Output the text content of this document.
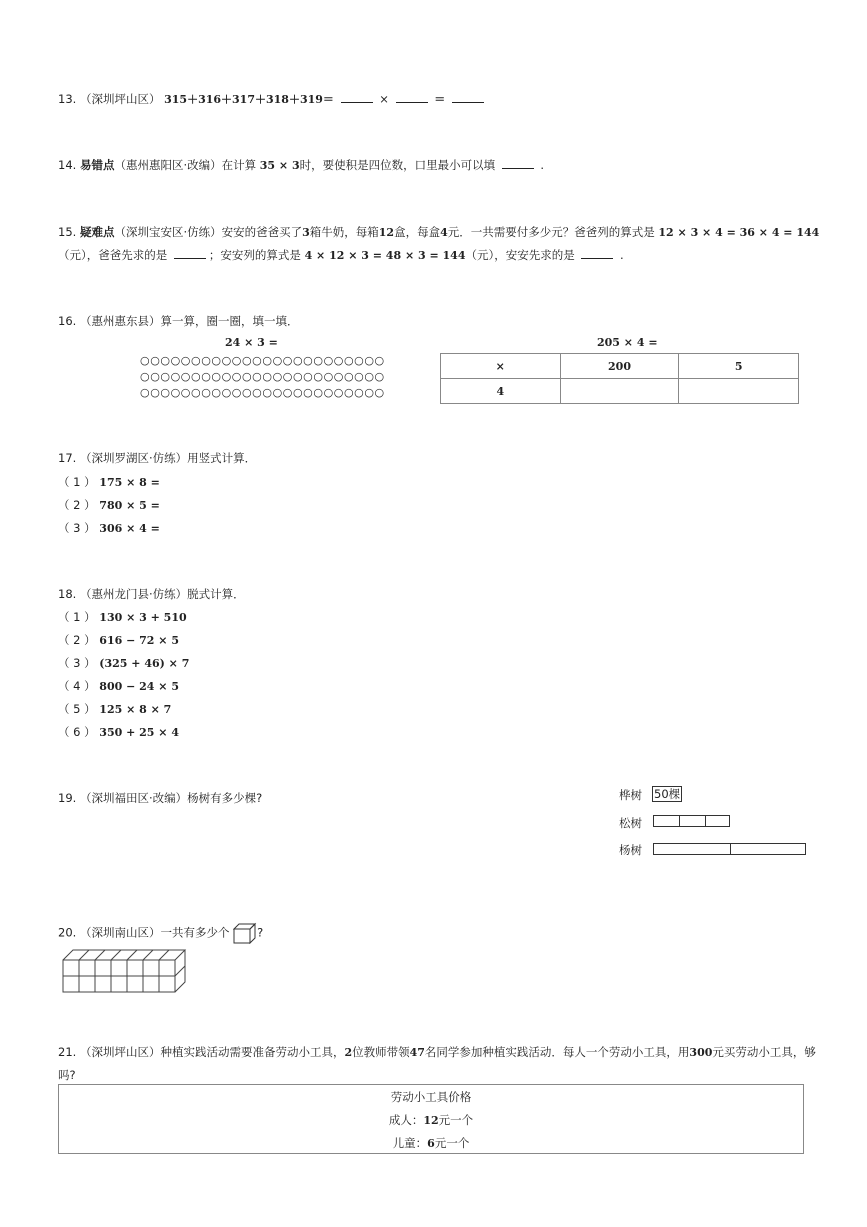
13. （深圳坪山区） 315＋316＋317＋318＋319＝	×	＝
14. 易错点（惠州惠阳区·改编）在计算 35 × 3时，要使积是四位数，口里最小可以填	.
15. 疑难点（深圳宝安区·仿练）安安的爸爸买了3箱牛奶，每箱12盒，每盒4元．一共需要付多少元？爸爸列的算式是 12 × 3 × 4 = 36 × 4 = 144
（元），爸爸先求的是	；安安列的算式是 4 × 12 × 3 = 48 × 3 = 144（元），安安先求的是	.
16. （惠州惠东县）算一算，圈一圈，填一填．
24 × 3 =
○○○○○○○○○○○○○○○○○○○○○○○○
○○○○○○○○○○○○○○○○○○○○○○○○
○○○○○○○○○○○○○○○○○○○○○○○○
205 × 4 =
×	200	5
4		
17. （深圳罗湖区·仿练）用竖式计算．
（ 1 ） 175 × 8 =
（ 2 ） 780 × 5 =
（ 3 ） 306 × 4 =
18. （惠州龙门县·仿练）脱式计算．
（ 1 ） 130 × 3 + 510
（ 2 ） 616 − 72 × 5
（ 3 ） (325 + 46) × 7
（ 4 ） 800 − 24 × 5
（ 5 ） 125 × 8 × 7
（ 6 ） 350 + 25 × 4
19. （深圳福田区·改编）杨树有多少棵?	桦树 50棵
松树
杨树
20. （深圳南山区）一共有多少个 ?
21. （深圳坪山区）种植实践活动需要准备劳动小工具，2位教师带领47名同学参加种植实践活动．每人一个劳动小工具，用300元买劳动小工具，够
吗?
劳动小工具价格
成人：12元一个
儿童：6元一个
